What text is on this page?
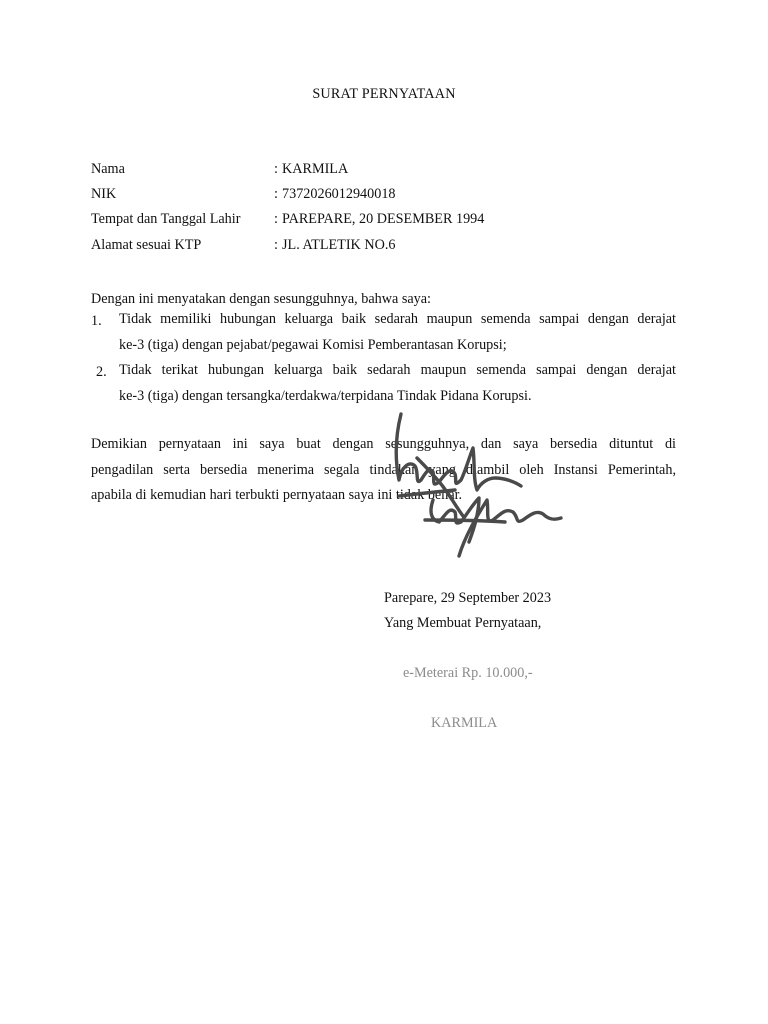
SURAT PERNYATAAN
Nama	: KARMILA
NIK	: 7372026012940018
Tempat dan Tanggal Lahir : PAREPARE, 20 DESEMBER 1994
Alamat sesuai KTP	: JL. ATLETIK NO.6
Dengan ini menyatakan dengan sesungguhnya, bahwa saya:
1.	Tidak memiliki hubungan keluarga baik sedarah maupun semenda sampai dengan derajat
ke-3 (tiga) dengan pejabat/pegawai Komisi Pemberantasan Korupsi;
2. Tidak terikat hubungan keluarga baik sedarah maupun semenda sampai dengan derajat
ke-3 (tiga) dengan tersangka/terdakwa/terpidana Tindak Pidana Korupsi.
Demikian pernyataan ini saya buat dengan sesungguhnya, dan saya bersedia dituntut di
pengadilan serta bersedia menerima segala tindakan yang diambil oleh Instansi Pemerintah,
apabila di kemudian hari terbukti pernyataan saya ini tidak benar.
Parepare, 29 September 2023
Yang Membuat Pernyataan,
e-Meterai Rp. 10.000,-
KARMILA
